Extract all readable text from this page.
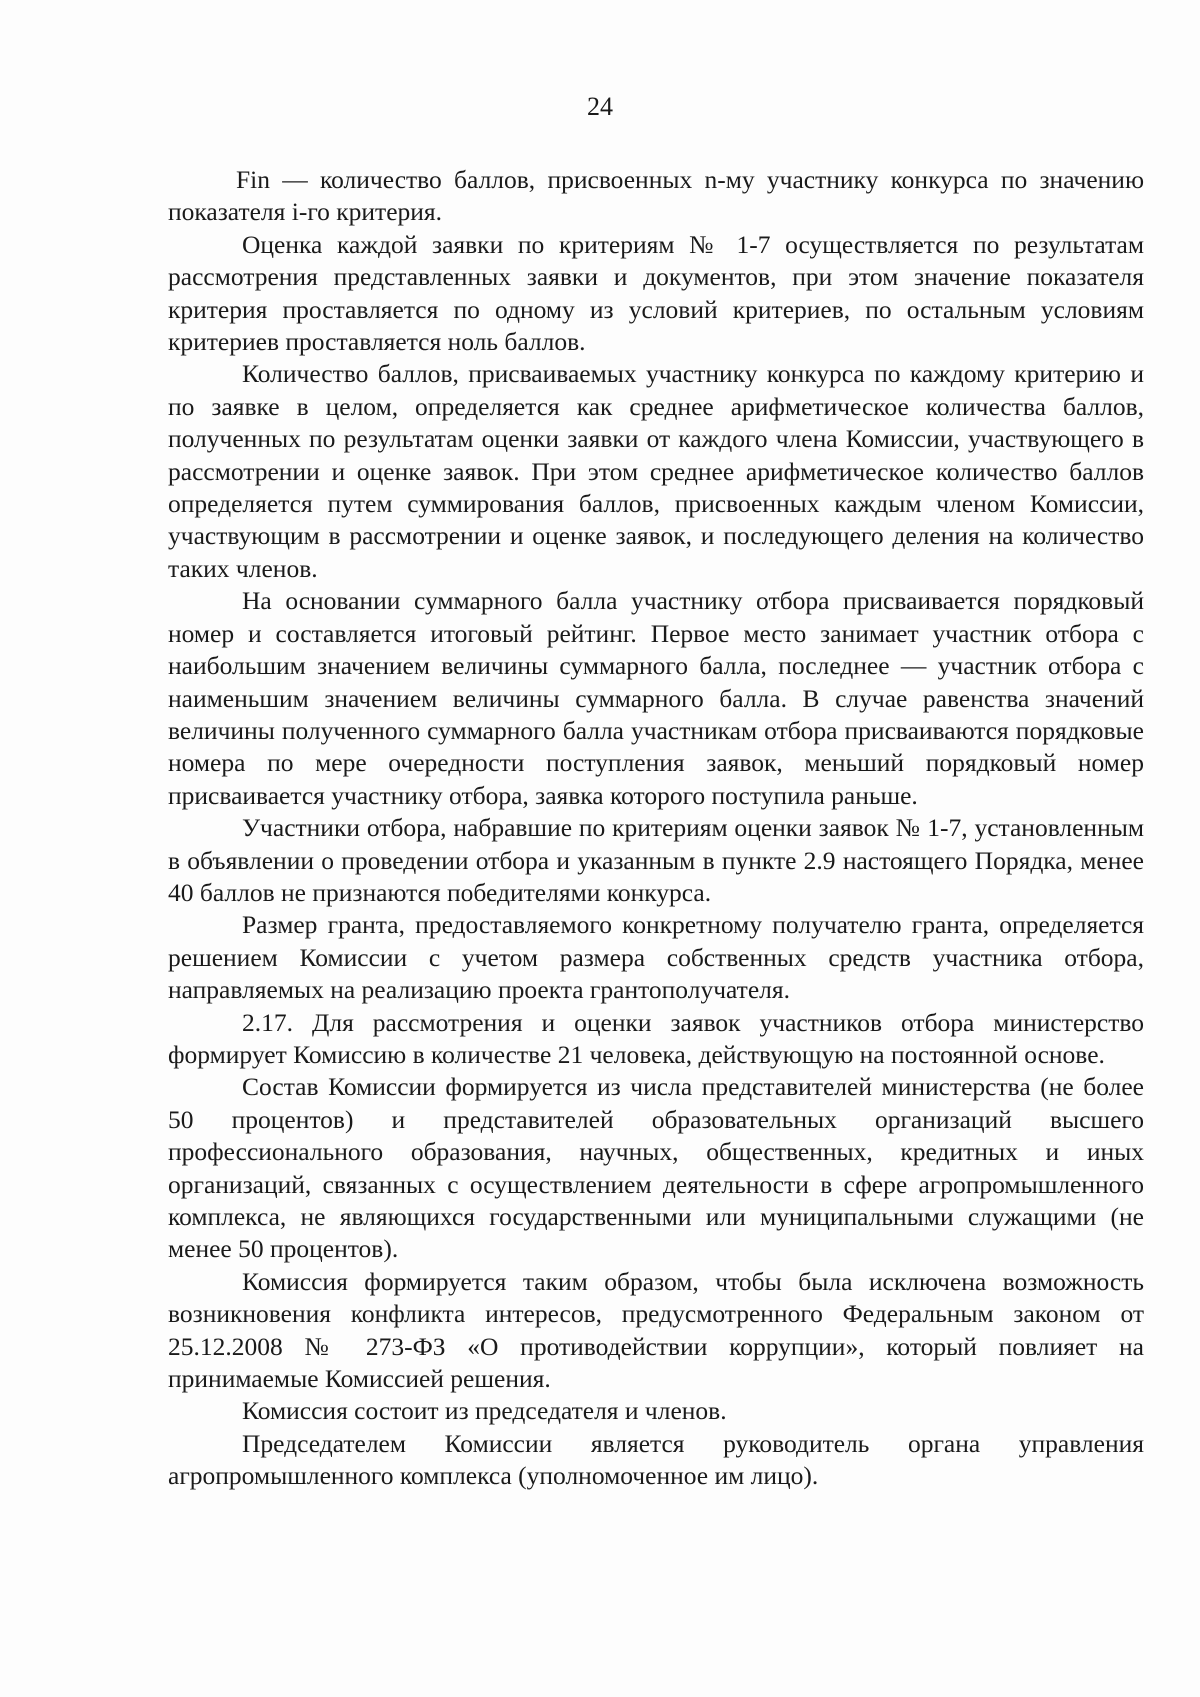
24

Fin — количество баллов, присвоенных n-му участнику конкурса по значению показателя i-го критерия.

Оценка каждой заявки по критериям № 1-7 осуществляется по результатам рассмотрения представленных заявки и документов, при этом значение показателя критерия проставляется по одному из условий критериев, по остальным условиям критериев проставляется ноль баллов.

Количество баллов, присваиваемых участнику конкурса по каждому критерию и по заявке в целом, определяется как среднее арифметическое количества баллов, полученных по результатам оценки заявки от каждого члена Комиссии, участвующего в рассмотрении и оценке заявок. При этом среднее арифметическое количество баллов определяется путем суммирования баллов, присвоенных каждым членом Комиссии, участвующим в рассмотрении и оценке заявок, и последующего деления на количество таких членов.

На основании суммарного балла участнику отбора присваивается порядковый номер и составляется итоговый рейтинг. Первое место занимает участник отбора с наибольшим значением величины суммарного балла, последнее — участник отбора с наименьшим значением величины суммарного балла. В случае равенства значений величины полученного суммарного балла участникам отбора присваиваются порядковые номера по мере очередности поступления заявок, меньший порядковый номер присваивается участнику отбора, заявка которого поступила раньше.

Участники отбора, набравшие по критериям оценки заявок № 1-7, установленным в объявлении о проведении отбора и указанным в пункте 2.9 настоящего Порядка, менее 40 баллов не признаются победителями конкурса.

Размер гранта, предоставляемого конкретному получателю гранта, определяется решением Комиссии с учетом размера собственных средств участника отбора, направляемых на реализацию проекта грантополучателя.

2.17. Для рассмотрения и оценки заявок участников отбора министерство формирует Комиссию в количестве 21 человека, действующую на постоянной основе.

Состав Комиссии формируется из числа представителей министерства (не более 50 процентов) и представителей образовательных организаций высшего профессионального образования, научных, общественных, кредитных и иных организаций, связанных с осуществлением деятельности в сфере агропромышленного комплекса, не являющихся государственными или муниципальными служащими (не менее 50 процентов).

Комиссия формируется таким образом, чтобы была исключена возможность возникновения конфликта интересов, предусмотренного Федеральным законом от 25.12.2008 № 273-ФЗ «О противодействии коррупции», который повлияет на принимаемые Комиссией решения.

Комиссия состоит из председателя и членов.

Председателем Комиссии является руководитель органа управления агропромышленного комплекса (уполномоченное им лицо).
